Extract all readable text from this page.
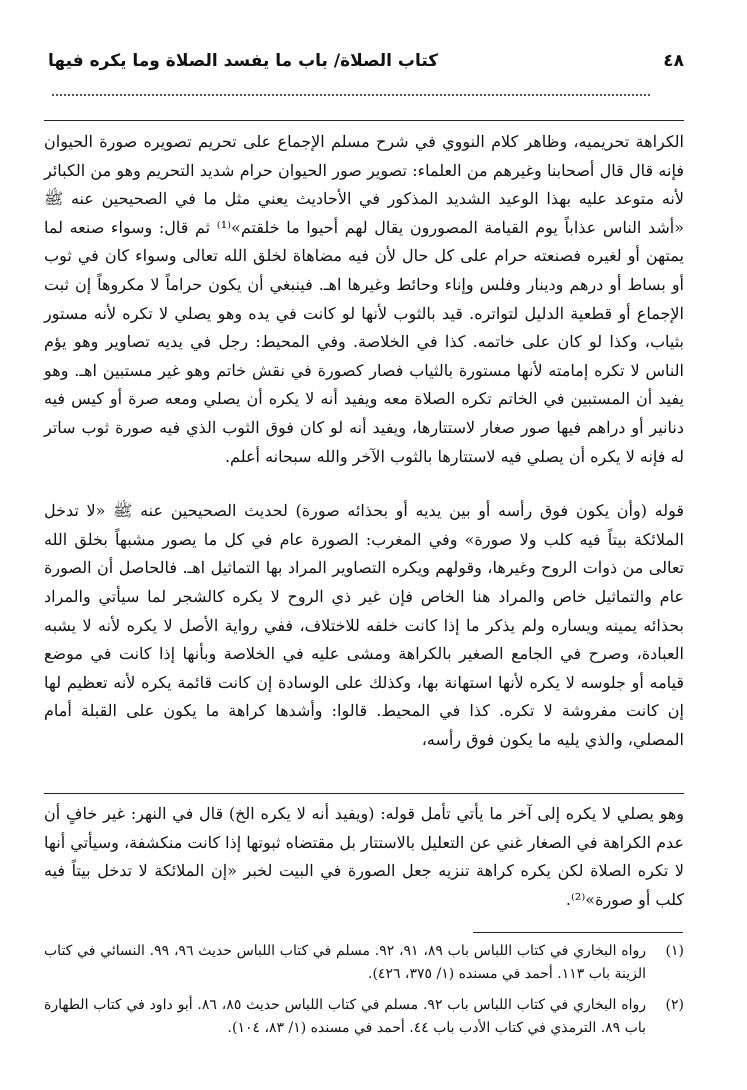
٤٨
كتاب الصلاة/ باب ما يفسد الصلاة وما يكره فيها

الكراهة تحريميه، وظاهر كلام النووي في شرح مسلم الإجماع على تحريم تصويره صورة الحيوان فإنه قال قال أصحابنا وغيرهم من العلماء: تصوير صور الحيوان حرام شديد التحريم وهو من الكبائر لأنه متوعد عليه بهذا الوعيد الشديد المذكور في الأحاديث يعني مثل ما في الصحيحين عنه ﷺ «أشد الناس عذاباً يوم القيامة المصورون يقال لهم أحيوا ما خلقتم»⁽¹⁾ ثم قال: وسواء صنعه لما يمتهن أو لغيره فصنعته حرام على كل حال لأن فيه مضاهاة لخلق الله تعالى وسواء كان في ثوب أو بساط أو درهم ودينار وفلس وإناء وحائط وغيرها اهـ. فينبغي أن يكون حراماً لا مكروهاً إن ثبت الإجماع أو قطعية الدليل لتواتره. قيد بالثوب لأنها لو كانت في يده وهو يصلي لا تكره لأنه مستور بثياب، وكذا لو كان على خاتمه. كذا في الخلاصة. وفي المحيط: رجل في يديه تصاوير وهو يؤم الناس لا تكره إمامته لأنها مستورة بالثياب فصار كصورة في نقش خاتم وهو غير مستبين اهـ. وهو يفيد أن المستبين في الخاتم تكره الصلاة معه ويفيد أنه لا يكره أن يصلي ومعه صرة أو كيس فيه دنانير أو دراهم فيها صور صغار لاستتارها، ويفيد أنه لو كان فوق الثوب الذي فيه صورة ثوب ساتر له فإنه لا يكره أن يصلي فيه لاستتارها بالثوب الآخر والله سبحانه أعلم.

قوله (وأن يكون فوق رأسه أو بين يديه أو بحذائه صورة) لحديث الصحيحين عنه ﷺ «لا تدخل الملائكة بيتاً فيه كلب ولا صورة» وفي المغرب: الصورة عام في كل ما يصور مشبهاً بخلق الله تعالى من ذوات الروح وغيرها، وقولهم ويكره التصاوير المراد بها التماثيل اهـ. فالحاصل أن الصورة عام والتماثيل خاص والمراد هنا الخاص فإن غير ذي الروح لا يكره كالشجر لما سيأتي والمراد بحذائه يمينه ويساره ولم يذكر ما إذا كانت خلفه للاختلاف، ففي رواية الأصل لا يكره لأنه لا يشبه العبادة، وصرح في الجامع الصغير بالكراهة ومشى عليه في الخلاصة وبأنها إذا كانت في موضع قيامه أو جلوسه لا يكره لأنها استهانة بها، وكذلك على الوسادة إن كانت قائمة يكره لأنه تعظيم لها إن كانت مفروشة لا تكره. كذا في المحيط. قالوا: وأشدها كراهة ما يكون على القبلة أمام المصلي، والذي يليه ما يكون فوق رأسه،

وهو يصلي لا يكره إلى آخر ما يأتي تأمل قوله: (ويفيد أنه لا يكره الخ) قال في النهر: غير خافٍ أن عدم الكراهة في الصغار غني عن التعليل بالاستتار بل مقتضاه ثبوتها إذا كانت منكشفة، وسيأتي أنها لا تكره الصلاة لكن يكره كراهة تنزيه جعل الصورة في البيت لخبر «إن الملائكة لا تدخل بيتاً فيه كلب أو صورة»⁽²⁾.

(١)
رواه البخاري في كتاب اللباس باب ٨٩، ٩١، ٩٢. مسلم في كتاب اللباس حديث ٩٦، ٩٩. النسائي في كتاب الزينة باب ١١٣. أحمد في مسنده (١/ ٣٧٥، ٤٢٦).
(٢)
رواه البخاري في كتاب اللباس باب ٩٢. مسلم في كتاب اللباس حديث ٨٥، ٨٦. أبو داود في كتاب الطهارة باب ٨٩. الترمذي في كتاب الأدب باب ٤٤. أحمد في مسنده (١/ ٨٣، ١٠٤).
